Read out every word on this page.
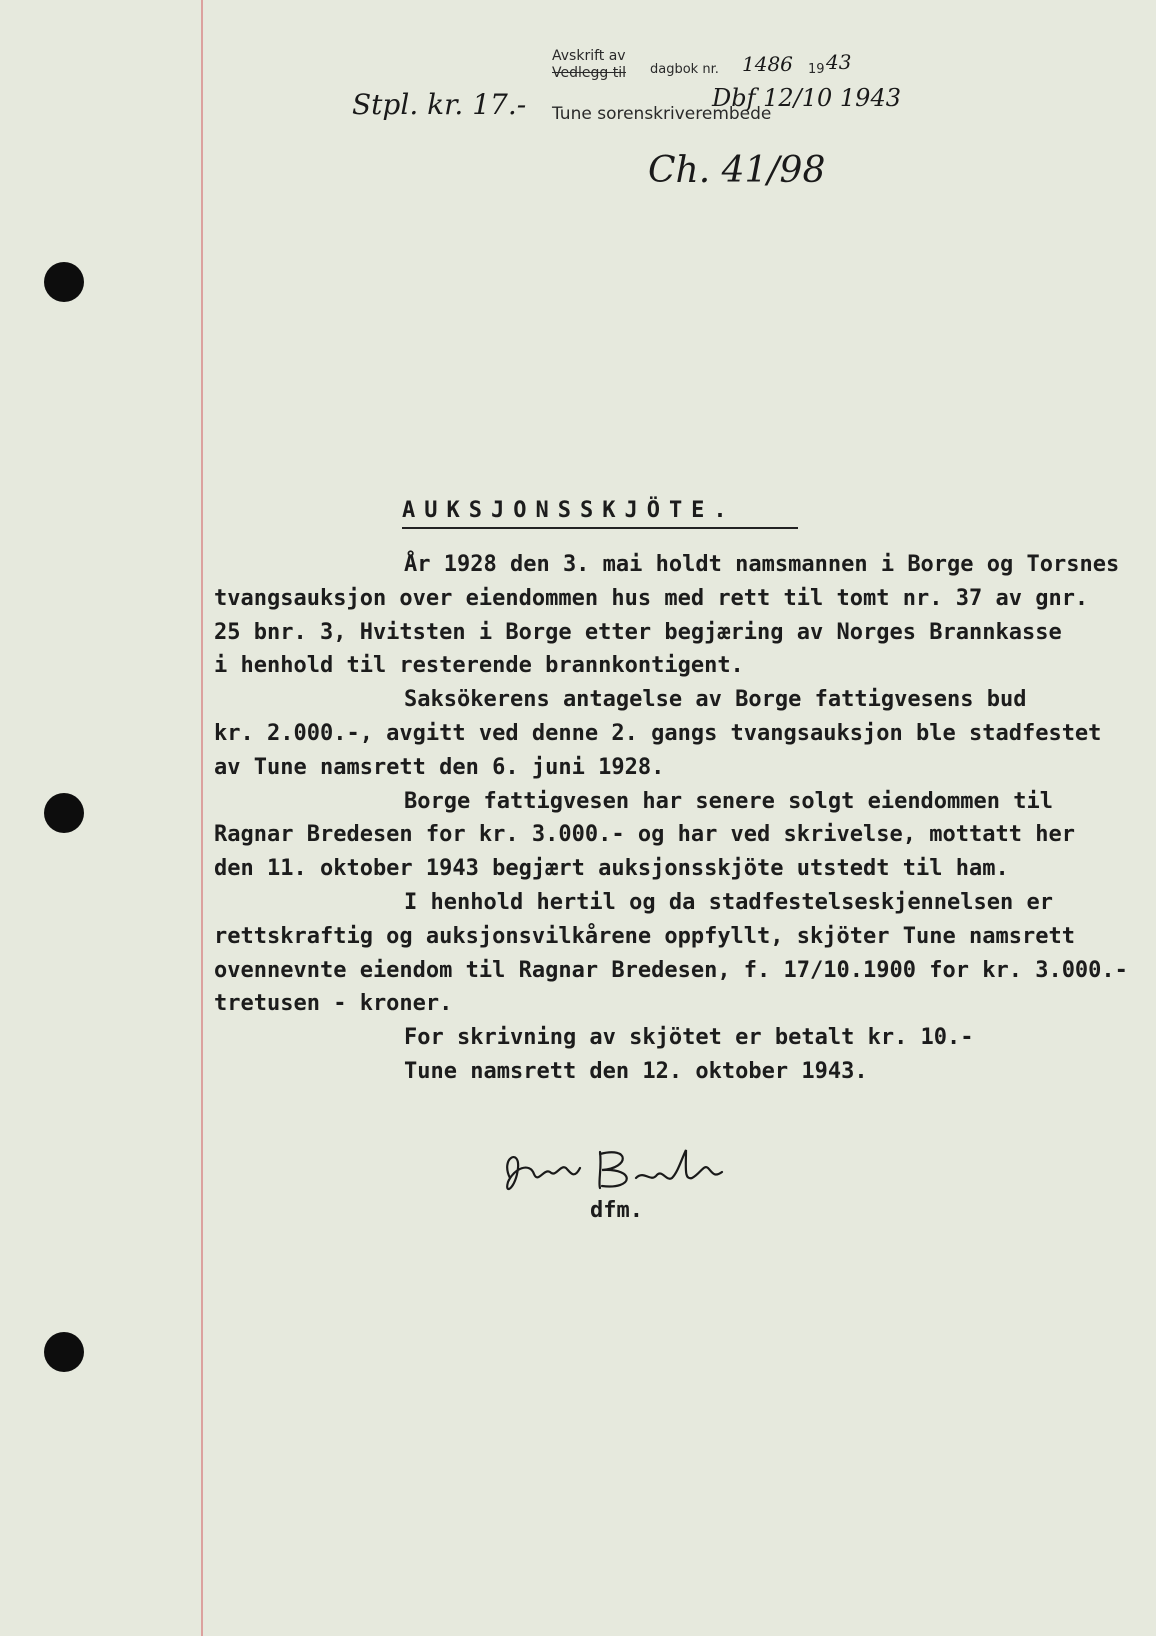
Avskrift av
Vedlegg til dagbok nr. 1486 19 43
Tune sorenskriverembede
Stpl. kr. 17.-	Dbf 12/10 1943
Ch. 41/98
AUKSJONSSKJÖTE.
År 1928 den 3. mai holdt namsmannen i Borge og Torsnes
tvangsauksjon over eiendommen hus med rett til tomt nr. 37 av gnr.
25 bnr. 3, Hvitsten i Borge etter begjæring av Norges Brannkasse
i henhold til resterende brannkontigent.
Saksökerens antagelse av Borge fattigvesens bud
kr. 2.000.-, avgitt ved denne 2. gangs tvangsauksjon ble stadfestet
av Tune namsrett den 6. juni 1928.
Borge fattigvesen har senere solgt eiendommen til
Ragnar Bredesen for kr. 3.000.- og har ved skrivelse, mottatt her
den 11. oktober 1943 begjært auksjonsskjöte utstedt til ham.
I henhold hertil og da stadfestelseskjennelsen er
rettskraftig og auksjonsvilkårene oppfyllt, skjöter Tune namsrett
ovennevnte eiendom til Ragnar Bredesen, f. 17/10.1900 for kr. 3.000.-
tretusen - kroner.
For skrivning av skjötet er betalt kr. 10.-
Tune namsrett den 12. oktober 1943.
dfm.
